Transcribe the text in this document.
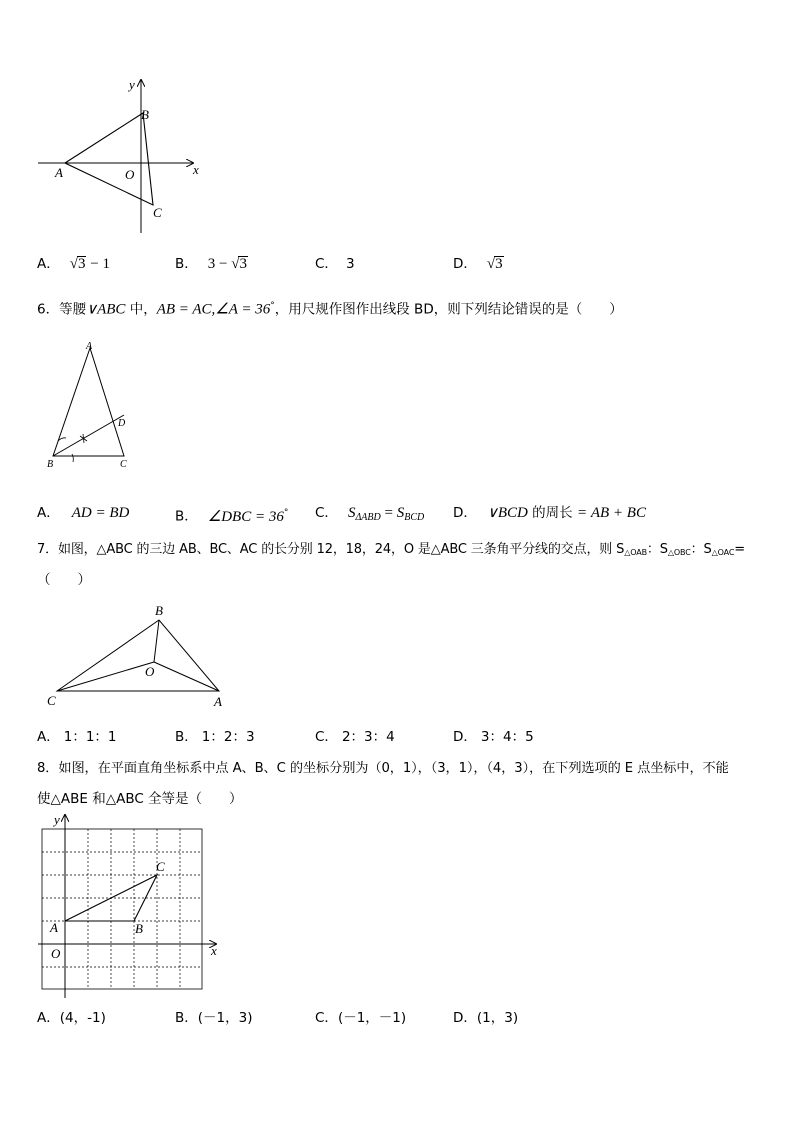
y
x
A
B
O
C
A． √3 − 1	B． 3 − √3	C． 3	D． √3
6．等腰∨ABC 中，AB = AC,∠A = 36°，用尺规作图作出线段 BD，则下列结论错误的是（　　）
A
B	C
D
A． AD = BD	B． ∠DBC = 36° C． $S_{\Delta ABD} = S_{BCD}$ D． ∨BCD 的周长 = AB + BC
7．如图，△ABC 的三边 AB、BC、AC 的长分别 12，18，24，O 是△ABC 三条角平分线的交点，则 S△OAB：S△OBC：S△OAC=
（　　）
B
O
C	A
A． 1：1：1	B． 1：2：3	C． 2：3：4	D． 3：4：5
8．如图，在平面直角坐标系中点 A、B、C 的坐标分别为（0，1），（3，1），（4，3），在下列选项的 E 点坐标中，不能
使△ABE 和△ABC 全等是（　　）
y
x
A	B
C
O
A．(4，-1)	B．(－1，3)	C．(－1，－1)	D．(1，3)
